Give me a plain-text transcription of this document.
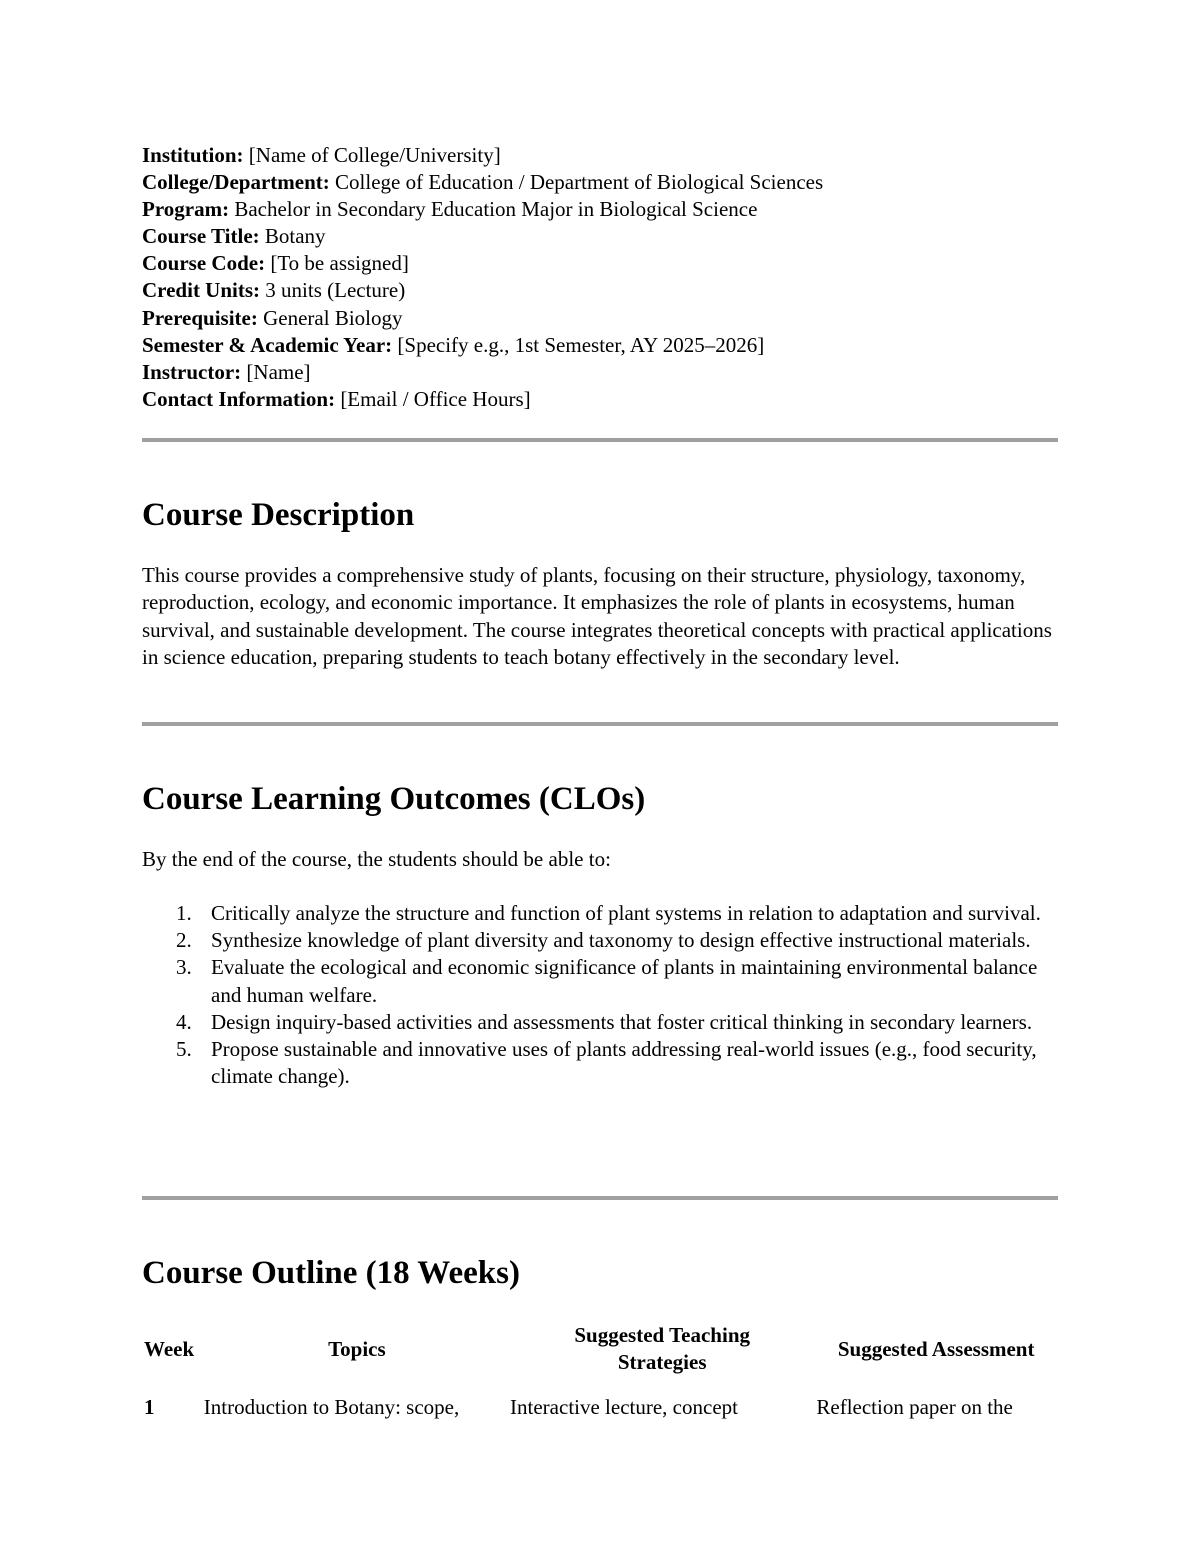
Institution: [Name of College/University]
College/Department: College of Education / Department of Biological Sciences
Program: Bachelor in Secondary Education Major in Biological Science
Course Title: Botany
Course Code: [To be assigned]
Credit Units: 3 units (Lecture)
Prerequisite: General Biology
Semester & Academic Year: [Specify e.g., 1st Semester, AY 2025–2026]
Instructor: [Name]
Contact Information: [Email / Office Hours]
Course Description

This course provides a comprehensive study of plants, focusing on their structure, physiology, taxonomy, reproduction, ecology, and economic importance. It emphasizes the role of plants in ecosystems, human survival, and sustainable development. The course integrates theoretical concepts with practical applications in science education, preparing students to teach botany effectively in the secondary level.

Course Learning Outcomes (CLOs)

By the end of the course, the students should be able to:

1. Critically analyze the structure and function of plant systems in relation to adaptation and survival.
2. Synthesize knowledge of plant diversity and taxonomy to design effective instructional materials.
3. Evaluate the ecological and economic significance of plants in maintaining environmental balance and human welfare.
4. Design inquiry-based activities and assessments that foster critical thinking in secondary learners.
5. Propose sustainable and innovative uses of plants addressing real-world issues (e.g., food security, climate change).
Course Outline (18 Weeks)
Week	Topics	Suggested Teaching Strategies	Suggested Assessment
1	Introduction to Botany: scope,	Interactive lecture, concept	Reflection paper on the
